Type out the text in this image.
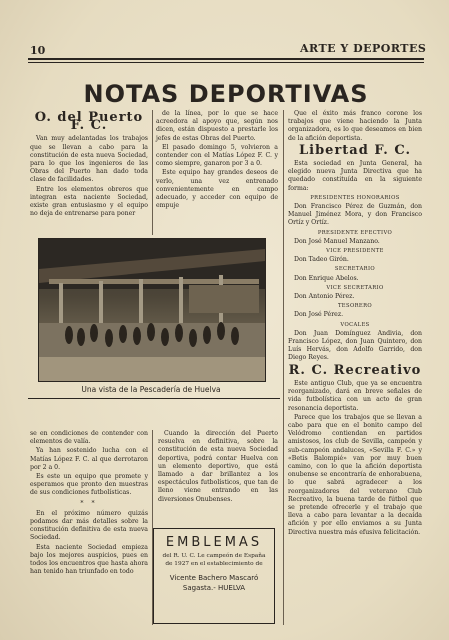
10	ARTE Y DEPORTES
NOTAS DEPORTIVAS
O. del Puerto F. C.

Van muy adelantadas los trabajos que se llevan a cabo para la constitución de esta nueva Sociedad, para lo que los ingenieros de las Obras del Puerto han dado toda clase de facilidades.

Entre los elementos obreros que integran esta naciente Sociedad, existe gran entusiasmo y el equipo no deja de entrenarse para poner

de la línea, por lo que se hace acreedora al apoyo que, según nos dicen, están dispuesto a prestarle los jefes de estas Obras del Puerto.

El pasado domingo 5, volvieron a contender con el Matías López F. C. y como siempre, ganaron por 3 a 0.

Este equipo hay grandes deseos de verlo, una vez entrenado convenientemente en campo adecuado, y acceder con equipo de empuje

Una vista de la Pescadería de Huelva

se en condiciones de contender con elementos de valía.

Ya han sostenido lucha con el Matías López F. C. al que derrotaron por 2 a 0.

Es este un equipo que promete y esperamos que pronto den muestras de sus condiciones futbolísticas.

* *

En el próximo número quizás podamos dar más detalles sobre la constitución definitiva de esta nueva Sociedad.

Esta naciente Sociedad empieza bajo los mejores auspicios, pues en todos los encuentros que hasta ahora han tenido han triunfado en todo

Cuando la dirección del Puerto resuelva en definitiva, sobre la constitución de esta nueva Sociedad deportiva, podrá contar Huelva con un elemento deportivo, que está llamado a dar brillantez a los espectáculos futbolísticos, que tan de lleno viene entrando en las diversiones Onubenses.

EMBLEMAS
del R. U. C. Le campeón de España de 1927 en el establecimiento de
Vicente Bachero Mascaró
Sagasta.- HUELVA

Que el éxito más franco corone los trabajos que viene haciendo la Junta organizadora, es lo que deseamos en bien de la afición deportista.

Libertad F. C.

Esta sociedad en Junta General, ha elegido nueva Junta Directiva que ha quedado constituída en la siguiente forma:

PRESIDENTES HONORARIOS

Don Francisco Pérez de Guzmán, don Manuel Jiménez Mora, y don Francisco Ortíz y Ortíz.

PRESIDENTE EFECTIVO

Don José Manuel Manzano.

VICE PRESIDENTE

Don Tadeo Girón.

SECRETARIO

Don Enrique Abelos.

VICE SECRETARIO

Don Antonio Pérez.

TESORERO

Don José Pérez.

VOCALES

Don Juan Domínguez Andivia, don Francisco López, don Juan Quintero, don Luís Hervás, don Adolfo Garrido, don Diego Reyes.

R. C. Recreativo

Este antiguo Club, que ya se encuentra reorganizado, dará en breve señales de vida futbolística con un acto de gran resonancia deportista.

Parece que los trabajos que se llevan a cabo para que en el bonito campo del Velódromo contiendan en partidos amistosos, los club de Sevilla, campeón y sub-campeón andaluces, «Sevilla F. C.» y «Betis Balompié» van por muy buen camino, con lo que la afición deportista onubense se encontraría de enhorabuena, lo que sabrá agradecer a los reorganizadores del veterano Club Recreativo, la buena tarde de fútbol que se pretende ofrecerle y el trabajo que lleva a cabo para levantar a la decaída afición y por ello enviamos a su Junta Directiva nuestra más efusiva felicitación.
